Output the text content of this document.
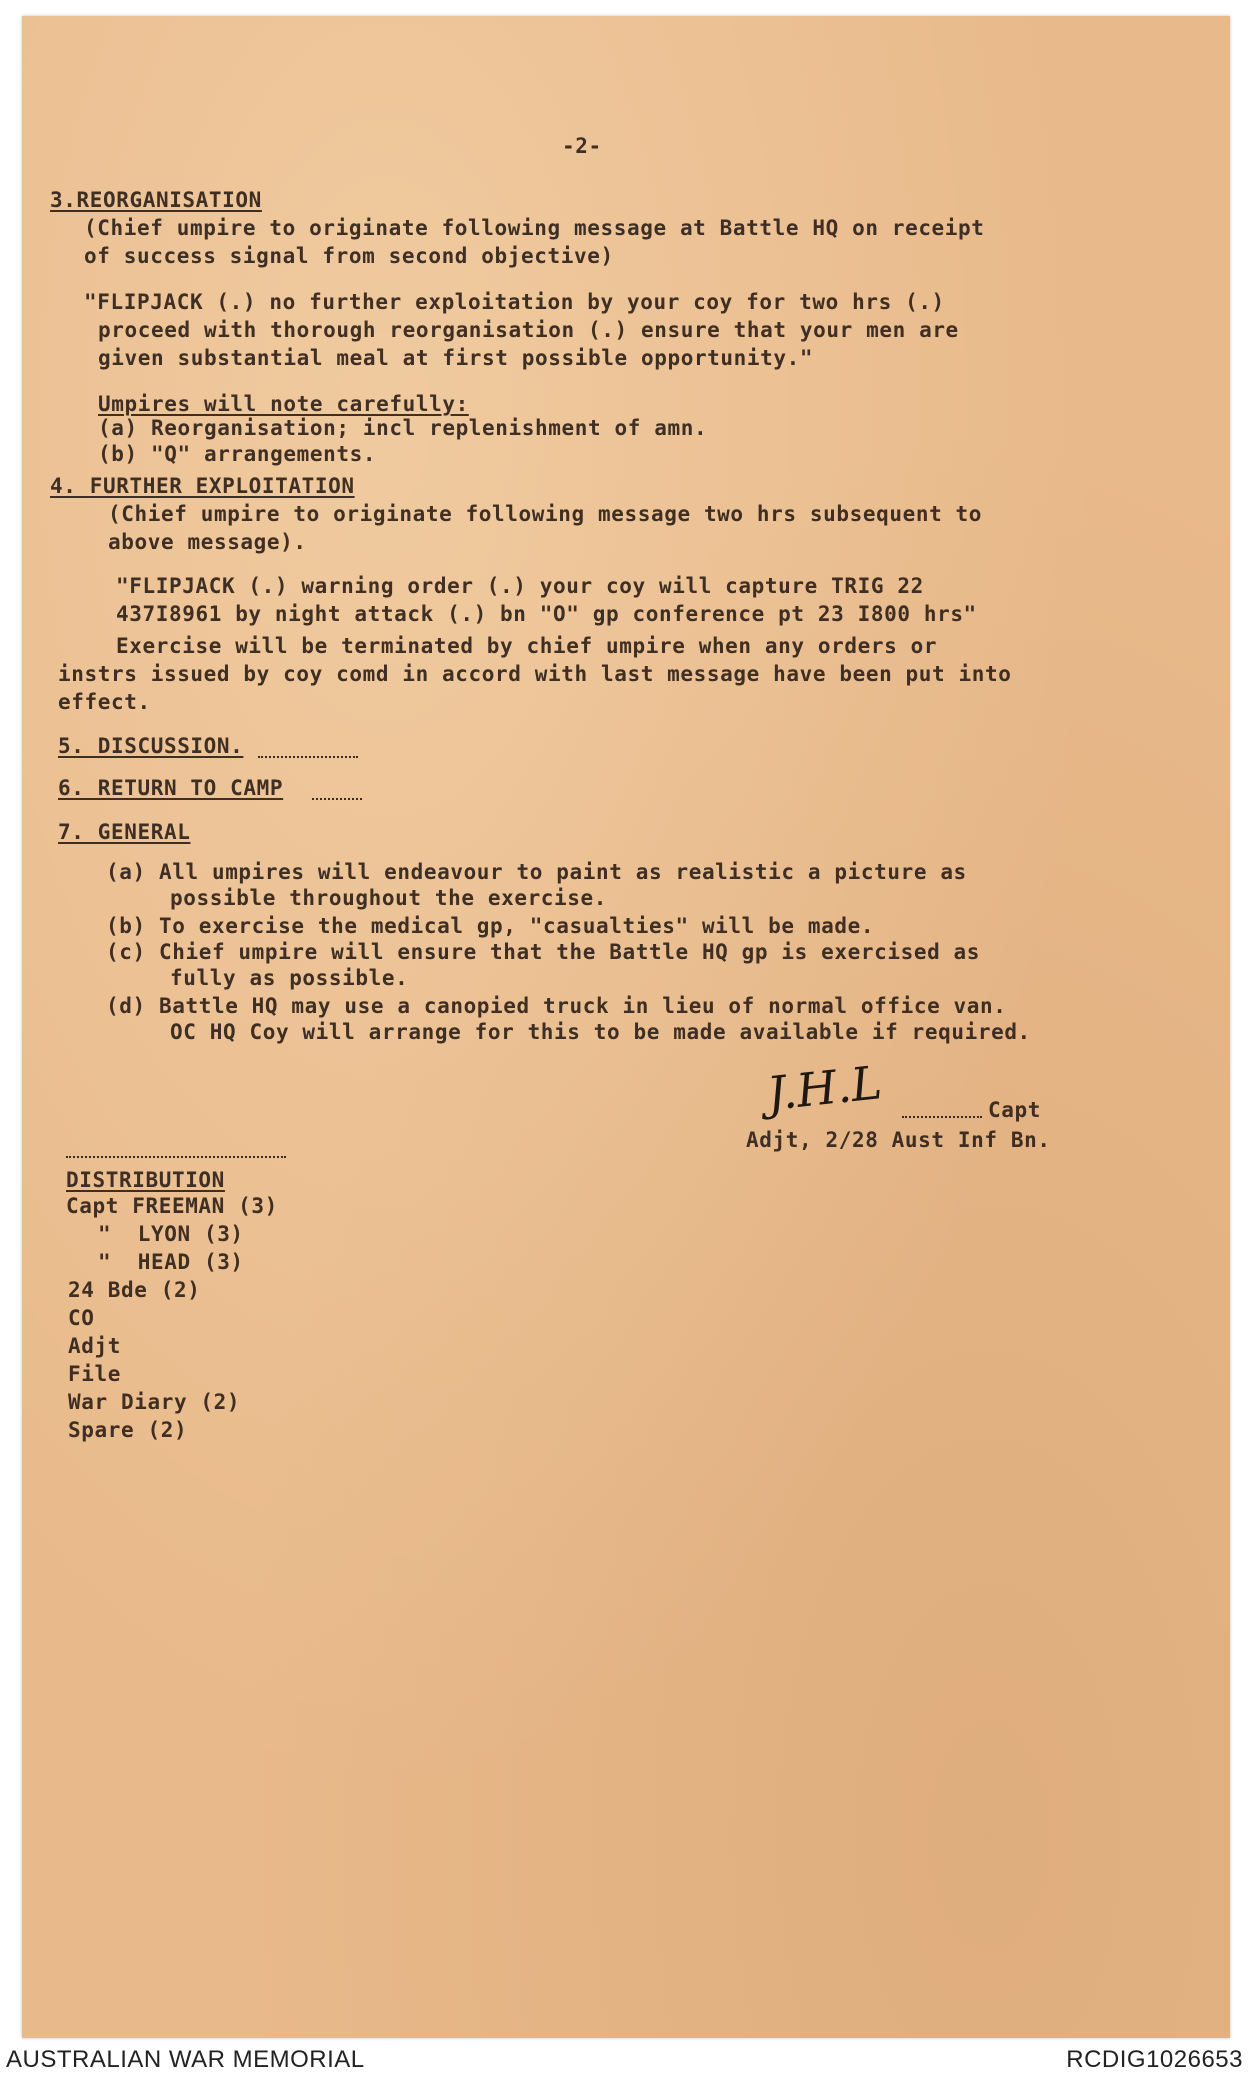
-2-
3.REORGANISATION
(Chief umpire to originate following message at Battle HQ on receipt
of success signal from second objective)
"FLIPJACK (.) no further exploitation by your coy for two hrs (.)
proceed with thorough reorganisation (.) ensure that your men are
given substantial meal at first possible opportunity."
Umpires will note carefully:
(a) Reorganisation; incl replenishment of amn.
(b) "Q" arrangements.
4. FURTHER EXPLOITATION
(Chief umpire to originate following message two hrs subsequent to
above message).
"FLIPJACK (.) warning order (.) your coy will capture TRIG 22
437I8961 by night attack (.) bn "O" gp conference pt 23 I800 hrs"
Exercise will be terminated by chief umpire when any orders or
instrs issued by coy comd in accord with last message have been put into
effect.
5. DISCUSSION.
6. RETURN TO CAMP
7. GENERAL
(a) All umpires will endeavour to paint as realistic a picture as
possible throughout the exercise.
(b) To exercise the medical gp, "casualties" will be made.
(c) Chief umpire will ensure that the Battle HQ gp is exercised as
fully as possible.
(d) Battle HQ may use a canopied truck in lieu of normal office van.
OC HQ Coy will arrange for this to be made available if required.
J.H.L	Capt
Adjt, 2/28 Aust Inf Bn.
DISTRIBUTION
Capt FREEMAN (3)
"  LYON (3)
"  HEAD (3)
24 Bde (2)
CO
Adjt
File
War Diary (2)
Spare (2)
AUSTRALIAN WAR MEMORIAL	RCDIG1026653
